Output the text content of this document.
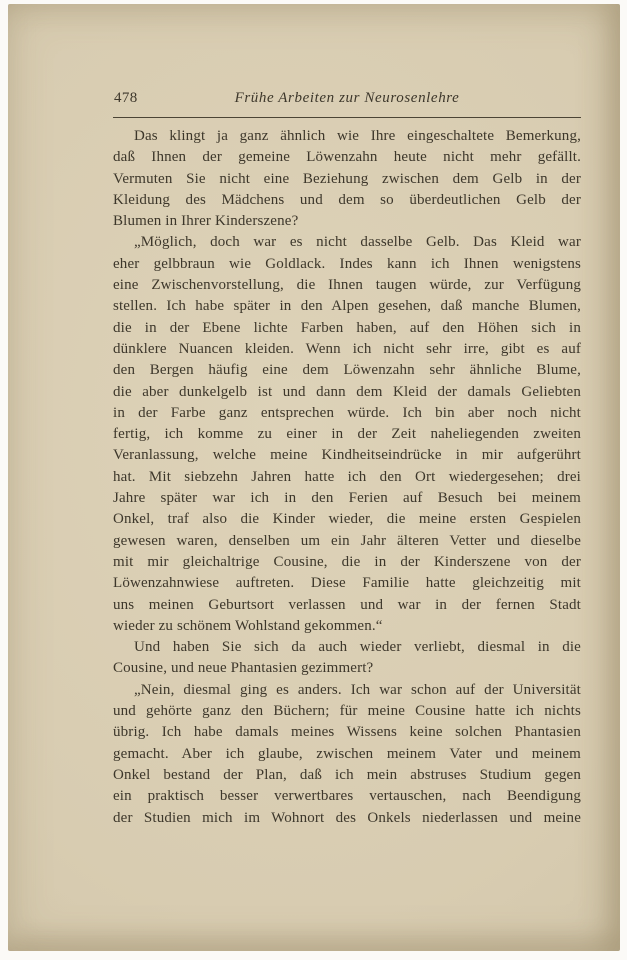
478	Frühe Arbeiten zur Neurosenlehre
Das klingt ja ganz ähnlich wie Ihre eingeschaltete Bemerkung,
daß Ihnen der gemeine Löwenzahn heute nicht mehr gefällt.
Vermuten Sie nicht eine Beziehung zwischen dem Gelb in der
Kleidung des Mädchens und dem so überdeutlichen Gelb der
Blumen in Ihrer Kinderszene?
„Möglich, doch war es nicht dasselbe Gelb. Das Kleid war
eher gelbbraun wie Goldlack. Indes kann ich Ihnen wenigstens
eine Zwischenvorstellung, die Ihnen taugen würde, zur Verfügung
stellen. Ich habe später in den Alpen gesehen, daß manche Blumen,
die in der Ebene lichte Farben haben, auf den Höhen sich in
dünklere Nuancen kleiden. Wenn ich nicht sehr irre, gibt es auf
den Bergen häufig eine dem Löwenzahn sehr ähnliche Blume,
die aber dunkelgelb ist und dann dem Kleid der damals Geliebten
in der Farbe ganz entsprechen würde. Ich bin aber noch nicht
fertig, ich komme zu einer in der Zeit naheliegenden zweiten
Veranlassung, welche meine Kindheitseindrücke in mir aufgerührt
hat. Mit siebzehn Jahren hatte ich den Ort wiedergesehen; drei
Jahre später war ich in den Ferien auf Besuch bei meinem
Onkel, traf also die Kinder wieder, die meine ersten Gespielen
gewesen waren, denselben um ein Jahr älteren Vetter und dieselbe
mit mir gleichaltrige Cousine, die in der Kinderszene von der
Löwenzahnwiese auftreten. Diese Familie hatte gleichzeitig mit
uns meinen Geburtsort verlassen und war in der fernen Stadt
wieder zu schönem Wohlstand gekommen.“
Und haben Sie sich da auch wieder verliebt, diesmal in die
Cousine, und neue Phantasien gezimmert?
„Nein, diesmal ging es anders. Ich war schon auf der Universität
und gehörte ganz den Büchern; für meine Cousine hatte ich nichts
übrig. Ich habe damals meines Wissens keine solchen Phantasien
gemacht. Aber ich glaube, zwischen meinem Vater und meinem
Onkel bestand der Plan, daß ich mein abstruses Studium gegen
ein praktisch besser verwertbares vertauschen, nach Beendigung
der Studien mich im Wohnort des Onkels niederlassen und meine
